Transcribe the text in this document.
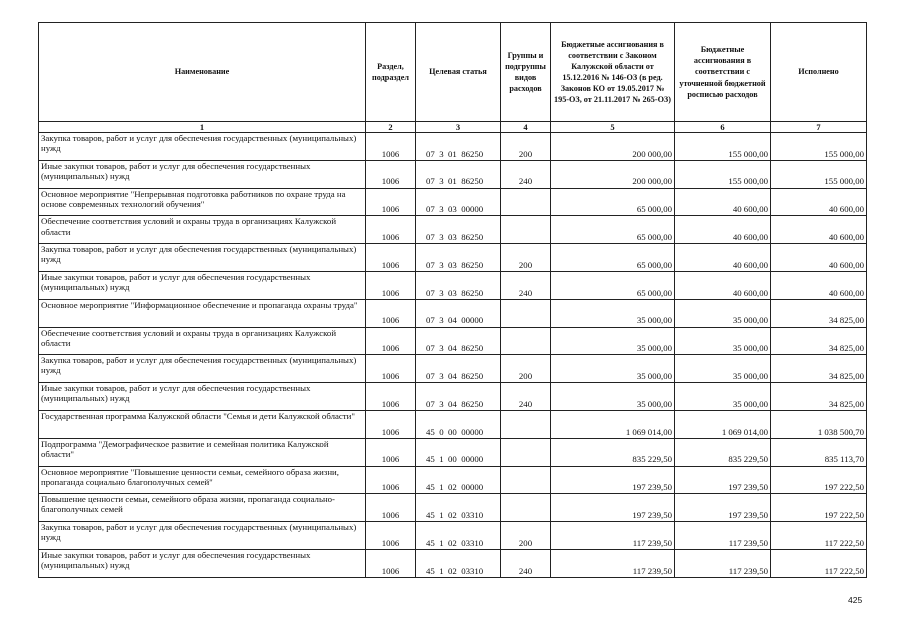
Наименование	Раздел, подраздел	Целевая статья	Группы и подгруппы видов расходов	Бюджетные ассигнования в соответствии с Законом Калужской области от 15.12.2016 № 146-ОЗ (в ред. Законов КО от 19.05.2017 № 195-ОЗ, от 21.11.2017 № 265-ОЗ)	Бюджетные ассигнования в соответствии с уточненной бюджетной росписью расходов	Исполнено
1	2	3	4	5	6	7
Закупка товаров, работ и услуг для обеспечения государственных (муниципальных) нужд	1006	07  3  01  86250	200	200 000,00	155 000,00	155 000,00
Иные закупки товаров, работ и услуг для обеспечения государственных (муниципальных) нужд	1006	07  3  01  86250	240	200 000,00	155 000,00	155 000,00
Основное мероприятие "Непрерывная подготовка работников по охране труда на основе современных технологий обучения"	1006	07  3  03  00000		65 000,00	40 600,00	40 600,00
Обеспечение соответствия условий и охраны труда в организациях Калужской области	1006	07  3  03  86250		65 000,00	40 600,00	40 600,00
Закупка товаров, работ и услуг для обеспечения государственных (муниципальных) нужд	1006	07  3  03  86250	200	65 000,00	40 600,00	40 600,00
Иные закупки товаров, работ и услуг для обеспечения государственных (муниципальных) нужд	1006	07  3  03  86250	240	65 000,00	40 600,00	40 600,00
Основное мероприятие "Информационное обеспечение и пропаганда охраны труда"	1006	07  3  04  00000		35 000,00	35 000,00	34 825,00
Обеспечение соответствия условий и охраны труда в организациях Калужской области	1006	07  3  04  86250		35 000,00	35 000,00	34 825,00
Закупка товаров, работ и услуг для обеспечения государственных (муниципальных) нужд	1006	07  3  04  86250	200	35 000,00	35 000,00	34 825,00
Иные закупки товаров, работ и услуг для обеспечения государственных (муниципальных) нужд	1006	07  3  04  86250	240	35 000,00	35 000,00	34 825,00
Государственная программа Калужской области "Семья и дети Калужской области"	1006	45  0  00  00000		1 069 014,00	1 069 014,00	1 038 500,70
Подпрограмма "Демографическое развитие и семейная политика Калужской области"	1006	45  1  00  00000		835 229,50	835 229,50	835 113,70
Основное мероприятие "Повышение ценности семьи, семейного образа жизни, пропаганда социально благополучных семей"	1006	45  1  02  00000		197 239,50	197 239,50	197 222,50
Повышение ценности семьи, семейного образа жизни, пропаганда социально-благополучных семей	1006	45  1  02  03310		197 239,50	197 239,50	197 222,50
Закупка товаров, работ и услуг для обеспечения государственных (муниципальных) нужд	1006	45  1  02  03310	200	117 239,50	117 239,50	117 222,50
Иные закупки товаров, работ и услуг для обеспечения государственных (муниципальных) нужд	1006	45  1  02  03310	240	117 239,50	117 239,50	117 222,50
425
